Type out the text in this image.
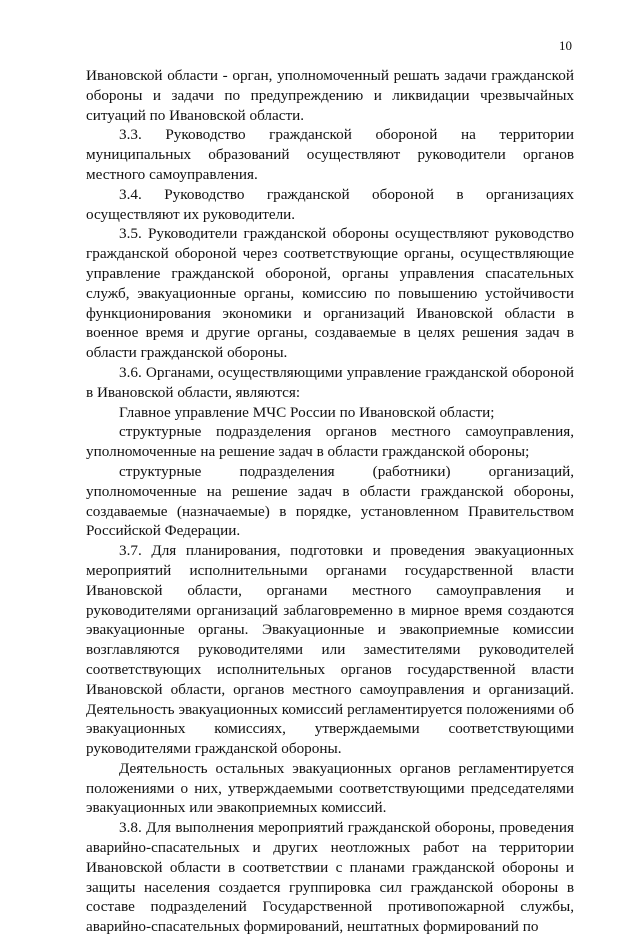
10

Ивановской области - орган, уполномоченный решать задачи гражданской обороны и задачи по предупреждению и ликвидации чрезвычайных ситуаций по Ивановской области.

3.3. Руководство гражданской обороной на территории муниципальных образований осуществляют руководители органов местного самоуправления.

3.4. Руководство гражданской обороной в организациях осуществляют их руководители.

3.5. Руководители гражданской обороны осуществляют руководство гражданской обороной через соответствующие органы, осуществляющие управление гражданской обороной, органы управления спасательных служб, эвакуационные органы, комиссию по повышению устойчивости функционирования экономики и организаций Ивановской области в военное время и другие органы, создаваемые в целях решения задач в области гражданской обороны.

3.6. Органами, осуществляющими управление гражданской обороной в Ивановской области, являются:

Главное управление МЧС России по Ивановской области;

структурные подразделения органов местного самоуправления, уполномоченные на решение задач в области гражданской обороны;

структурные подразделения (работники) организаций, уполномоченные на решение задач в области гражданской обороны, создаваемые (назначаемые) в порядке, установленном Правительством Российской Федерации.

3.7. Для планирования, подготовки и проведения эвакуационных мероприятий исполнительными органами государственной власти Ивановской области, органами местного самоуправления и руководителями организаций заблаговременно в мирное время создаются эвакуационные органы. Эвакуационные и эвакоприемные комиссии возглавляются руководителями или заместителями руководителей соответствующих исполнительных органов государственной власти Ивановской области, органов местного самоуправления и организаций. Деятельность эвакуационных комиссий регламентируется положениями об эвакуационных комиссиях, утверждаемыми соответствующими руководителями гражданской обороны.

Деятельность остальных эвакуационных органов регламентируется положениями о них, утверждаемыми соответствующими председателями эвакуационных или эвакоприемных комиссий.

3.8. Для выполнения мероприятий гражданской обороны, проведения аварийно-спасательных и других неотложных работ на территории Ивановской области в соответствии с планами гражданской обороны и защиты населения создается группировка сил гражданской обороны в составе подразделений Государственной противопожарной службы, аварийно-спасательных формирований, нештатных формирований по
